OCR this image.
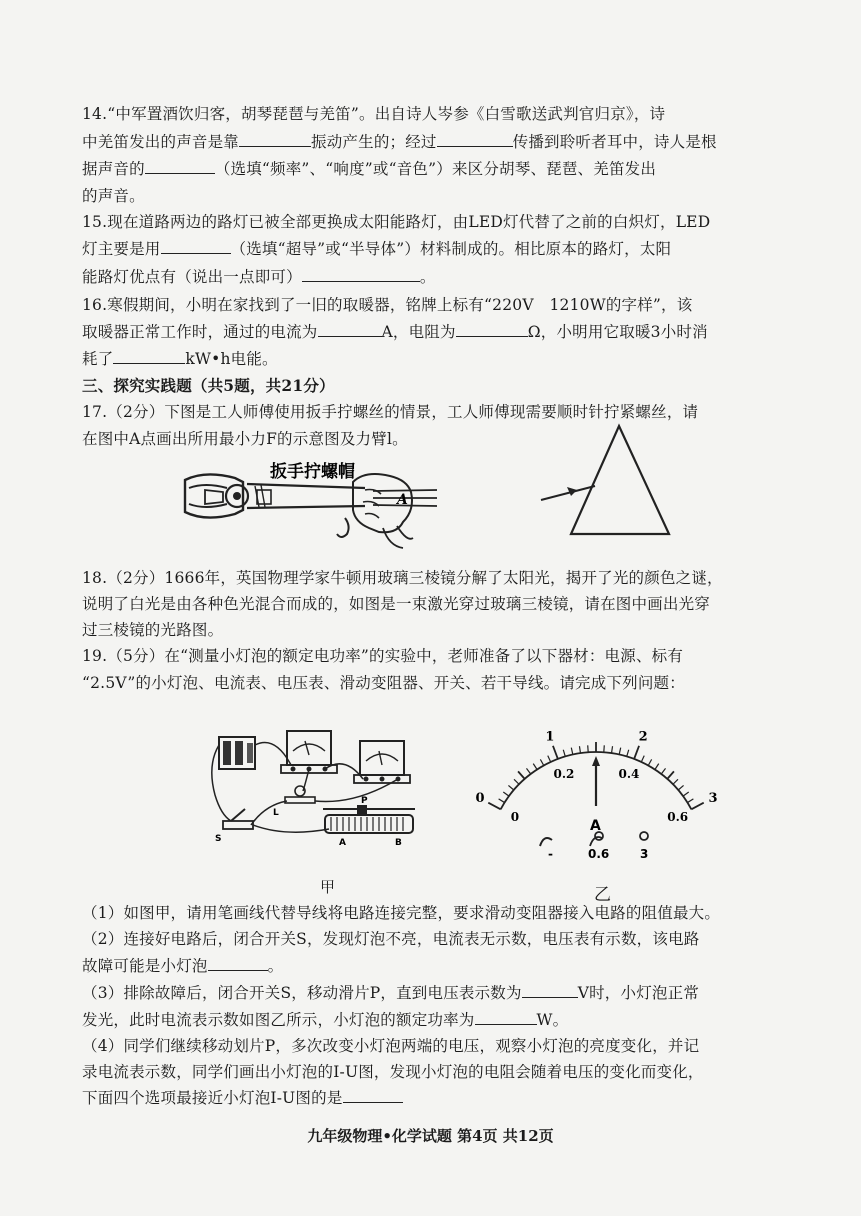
14.“中军置酒饮归客，胡琴琵琶与羌笛”。出自诗人岑参《白雪歌送武判官归京》，诗
中羌笛发出的声音是靠	振动产生的；经过	传播到聆听者耳中，诗人是根
据声音的	（选填“频率”、“响度”或“音色”）来区分胡琴、琵琶、羌笛发出
的声音。
15.现在道路两边的路灯已被全部更换成太阳能路灯，由LED灯代替了之前的白炽灯，LED
灯主要是用	（选填“超导”或“半导体”）材料制成的。相比原本的路灯，太阳
能路灯优点有（说出一点即可）	。
16.寒假期间，小明在家找到了一旧的取暖器，铭牌上标有“220V　1210W的字样”，该
取暖器正常工作时，通过的电流为	A，电阻为	Ω，小明用它取暖3小时消
耗了	kW•h电能。
三、探究实践题（共5题，共21分）
17.（2分）下图是工人师傅使用扳手拧螺丝的情景，工人师傅现需要顺时针拧紧螺丝，请
在图中A点画出所用最小力F的示意图及力臂l。
扳手拧螺帽
A
18.（2分）1666年，英国物理学家牛顿用玻璃三棱镜分解了太阳光，揭开了光的颜色之谜，
说明了白光是由各种色光混合而成的，如图是一束激光穿过玻璃三棱镜，请在图中画出光穿
过三棱镜的光路图。
19.（5分）在“测量小灯泡的额定电功率”的实验中，老师准备了以下器材：电源、标有
“2.5V”的小灯泡、电流表、电压表、滑动变阻器、开关、若干导线。请完成下列问题：
L
S
P
A	B
甲
0
1	2
3
0
0.2	0.4
0.6
A
-	0.6	3
乙
（1）如图甲，请用笔画线代替导线将电路连接完整，要求滑动变阻器接入电路的阻值最大。
（2）连接好电路后，闭合开关S，发现灯泡不亮，电流表无示数，电压表有示数，该电路
故障可能是小灯泡	。
（3）排除故障后，闭合开关S，移动滑片P，直到电压表示数为	V时，小灯泡正常
发光，此时电流表示数如图乙所示，小灯泡的额定功率为	W。
（4）同学们继续移动划片P，多次改变小灯泡两端的电压，观察小灯泡的亮度变化，并记
录电流表示数，同学们画出小灯泡的I-U图，发现小灯泡的电阻会随着电压的变化而变化，
下面四个选项最接近小灯泡I-U图的是
九年级物理•化学试题 第4页 共12页
